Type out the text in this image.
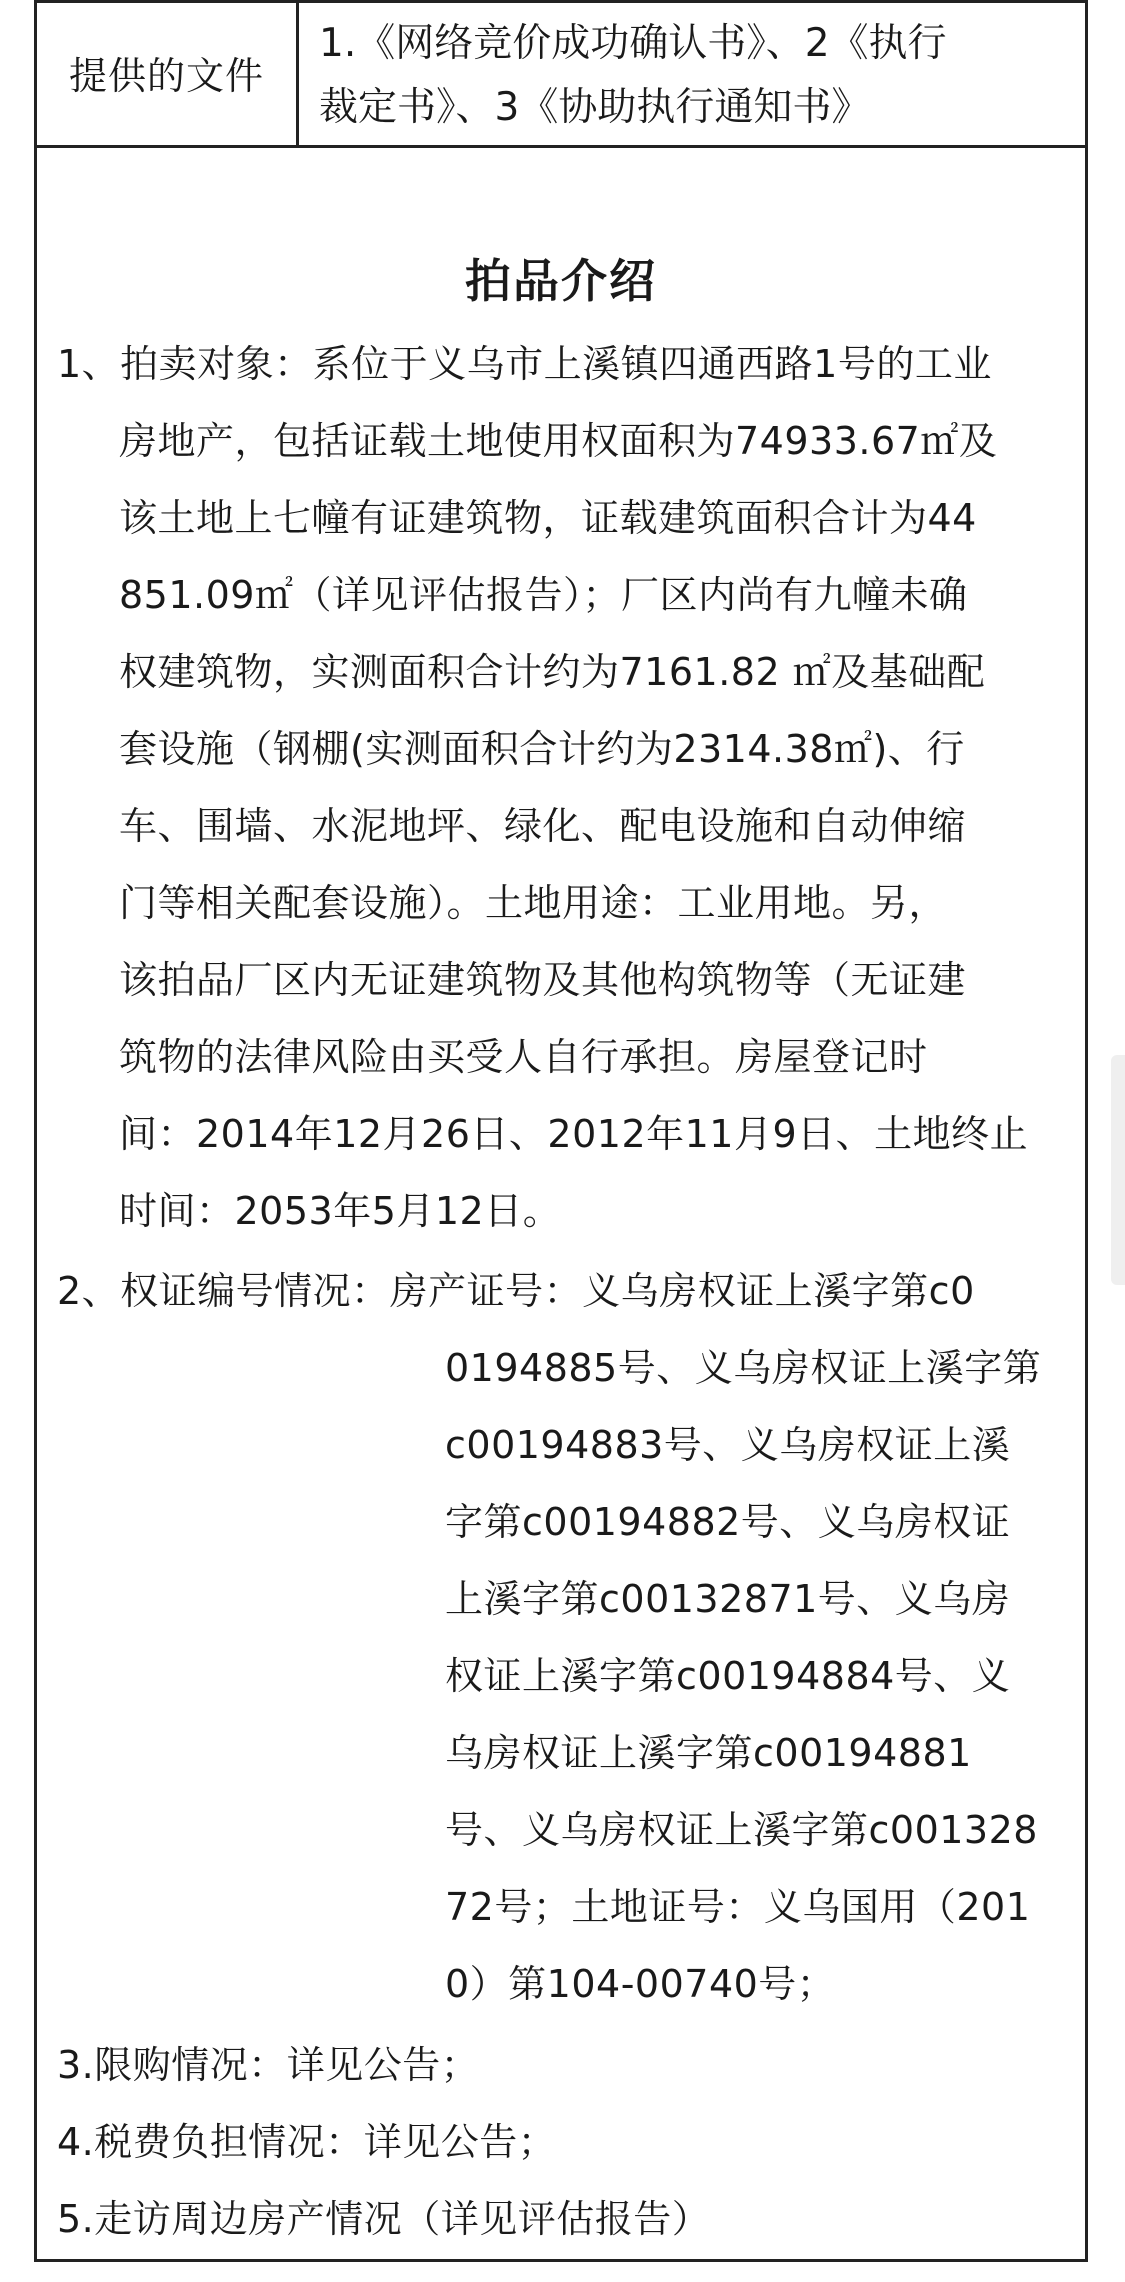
提供的文件
1.《网络竞价成功确认书》、2《执行
裁定书》、3《协助执行通知书》
拍品介绍
1、拍卖对象：系位于义乌市上溪镇四通西路1号的工业
房地产，包括证载土地使用权面积为74933.67㎡及
该土地上七幢有证建筑物，证载建筑面积合计为44
851.09㎡（详见评估报告）；厂区内尚有九幢未确
权建筑物，实测面积合计约为7161.82 ㎡及基础配
套设施（钢棚(实测面积合计约为2314.38㎡)、行
车、围墙、水泥地坪、绿化、配电设施和自动伸缩
门等相关配套设施）。土地用途：工业用地。另，
该拍品厂区内无证建筑物及其他构筑物等（无证建
筑物的法律风险由买受人自行承担。房屋登记时
间：2014年12月26日、2012年11月9日、土地终止
时间：2053年5月12日。
2、权证编号情况：房产证号：义乌房权证上溪字第c0
0194885号、义乌房权证上溪字第
c00194883号、义乌房权证上溪
字第c00194882号、义乌房权证
上溪字第c00132871号、义乌房
权证上溪字第c00194884号、义
乌房权证上溪字第c00194881
号、义乌房权证上溪字第c001328
72号；土地证号：义乌国用（201
0）第104-00740号；
3.限购情况：详见公告；
4.税费负担情况：详见公告；
5.走访周边房产情况（详见评估报告）
